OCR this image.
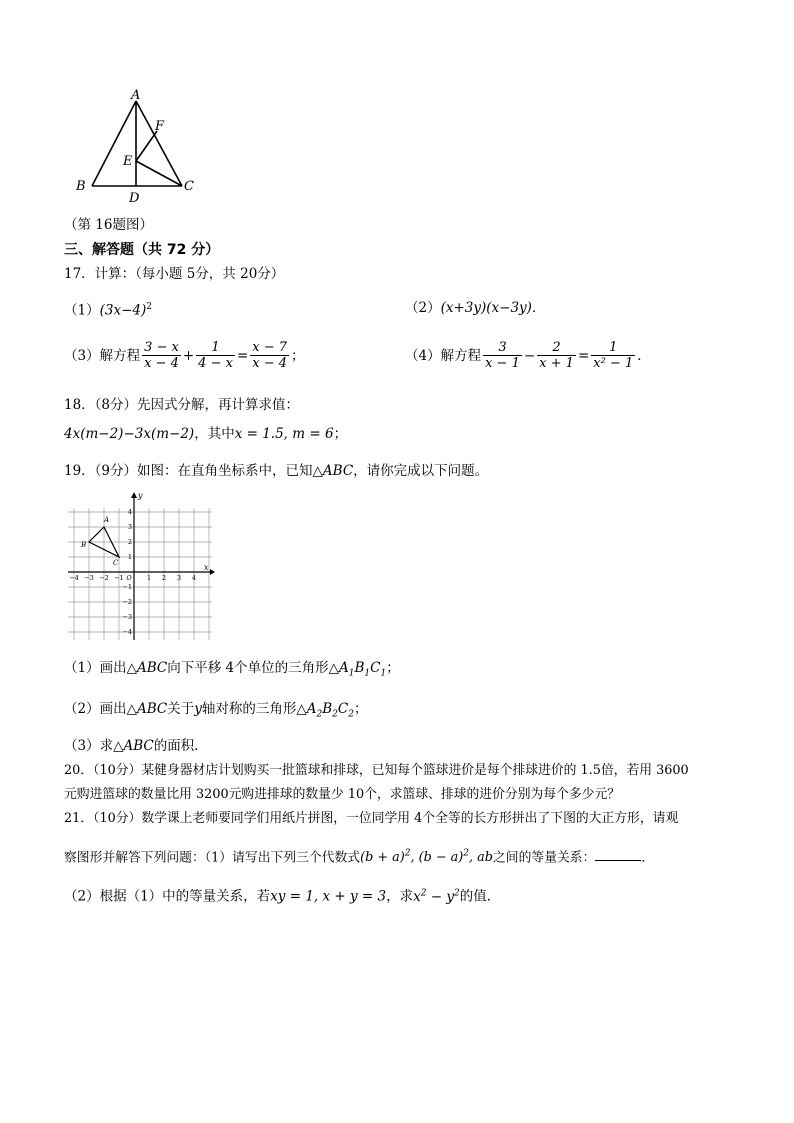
A
F
E
B	C
D
（第 16题图）
三、解答题（共 72 分）
17．计算：（每小题 5分，共 20分）
$(1)(3x-4)^2$	（2）(x+3y)(x−3y)．
（3）解方程 $\frac{3 - x}{x - 4} + \frac{1}{4 - x} = \frac{x - 7}{x - 4}$ ；	（4）解方程 $\frac{3}{x - 1} - \frac{2}{x + 1} = \frac{1}{\text{x² − 1}}$ ．
18．（8分）先因式分解，再计算求值：
4x(m−2)−3x(m−2)，其中x = 1.5, m = 6；
19．（9分）如图：在直角坐标系中，已知△ABC，请你完成以下问题。
x
y
−4 −3 −2 −1 O 1 2 3 4
4
3
2
1
−1
−2
−3
−4
A
B
C
（1）画出△ABC向下平移 4个单位的三角形$\triangle A_1B_1C_1$；
（2）画出△ABC关于y轴对称的三角形$\triangle A_2B_2C_2$；
（3）求△ABC的面积．
20．（10分）某健身器材店计划购买一批篮球和排球，已知每个篮球进价是每个排球进价的 1.5倍，若用 3600
元购进篮球的数量比用 3200元购进排球的数量少 10个，求篮球、排球的进价分别为每个多少元？
21．（10分）数学课上老师要同学们用纸片拼图，一位同学用 4个全等的长方形拼出了下图的大正方形，请观
察图形并解答下列问题：（1）请写出下列三个代数式$(b + a)^2$, $(b - a)^2$, ab之间的等量关系：	．
（2）根据（1）中的等量关系，若xy = 1, x + y = 3，求$x^2 - y^2$的值．
